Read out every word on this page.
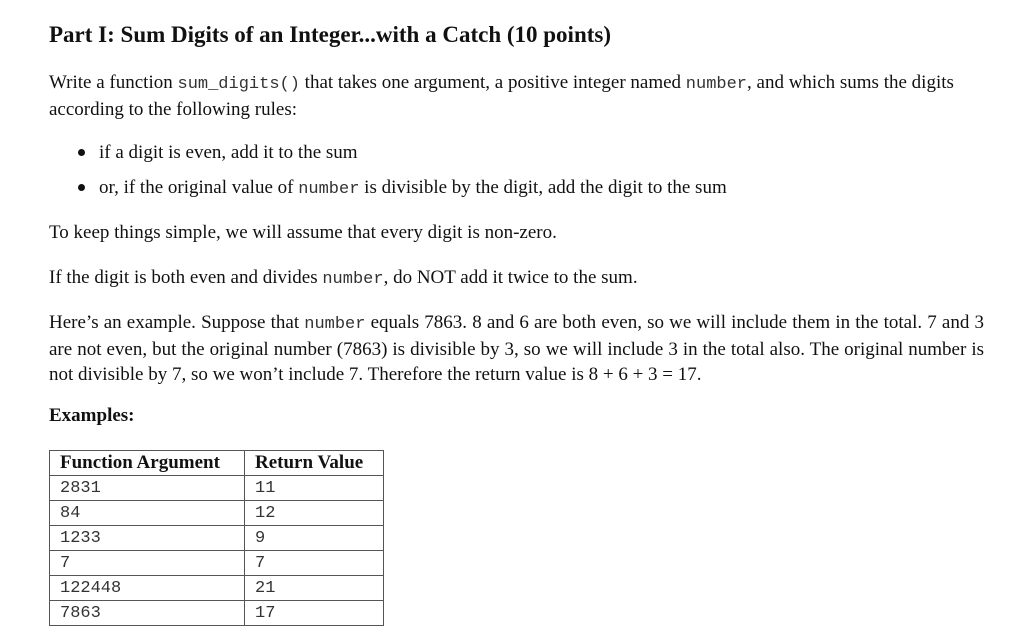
Part I: Sum Digits of an Integer...with a Catch (10 points)

Write a function sum_digits() that takes one argument, a positive integer named number, and which sums the digits according to the following rules:

if a digit is even, add it to the sum
or, if the original value of number is divisible by the digit, add the digit to the sum

To keep things simple, we will assume that every digit is non-zero.

If the digit is both even and divides number, do NOT add it twice to the sum.

Here’s an example. Suppose that number equals 7863. 8 and 6 are both even, so we will include them in the total. 7 and 3 are not even, but the original number (7863) is divisible by 3, so we will include 3 in the total also. The original number is not divisible by 7, so we won’t include 7. Therefore the return value is 8 + 6 + 3 = 17.

Examples:
Function Argument	Return Value
2831	11
84	12
1233	9
7	7
122448	21
7863	17
